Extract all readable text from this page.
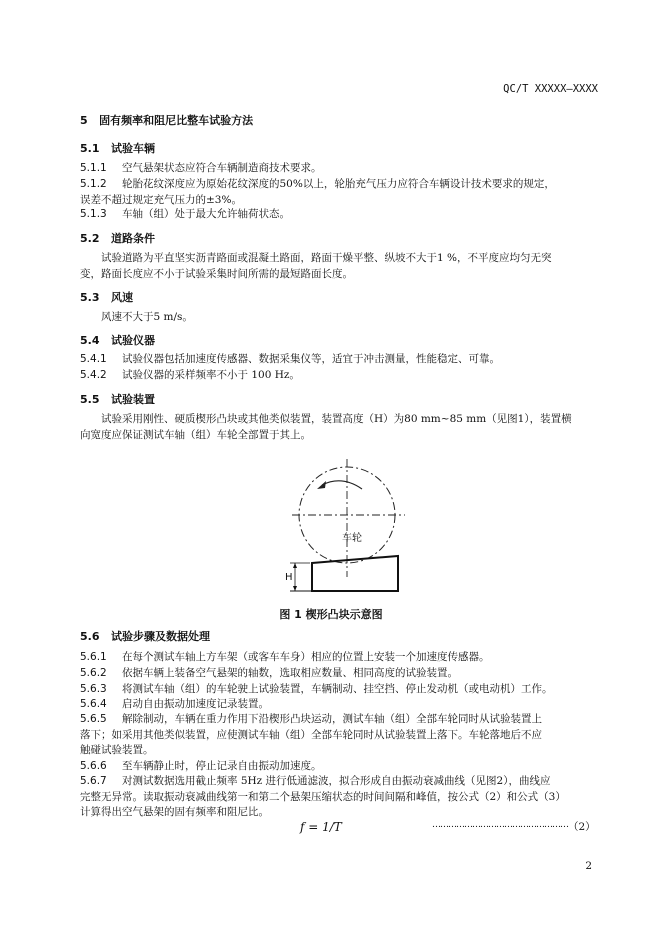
QC/T XXXXX—XXXX
5 固有频率和阻尼比整车试验方法
5.1 试验车辆
5.1.1 空气悬架状态应符合车辆制造商技术要求。
5.1.2 轮胎花纹深度应为原始花纹深度的50%以上，轮胎充气压力应符合车辆设计技术要求的规定，
误差不超过规定充气压力的±3%。
5.1.3 车轴（组）处于最大允许轴荷状态。
5.2 道路条件
试验道路为平直坚实沥青路面或混凝土路面，路面干燥平整、纵坡不大于1 %，不平度应均匀无突
变，路面长度应不小于试验采集时间所需的最短路面长度。
5.3 风速
风速不大于5 m/s。
5.4 试验仪器
5.4.1 试验仪器包括加速度传感器、数据采集仪等，适宜于冲击测量，性能稳定、可靠。
5.4.2 试验仪器的采样频率不小于 100 Hz。
5.5 试验装置
试验采用刚性、硬质楔形凸块或其他类似装置，装置高度（H）为80 mm~85 mm（见图1），装置横
向宽度应保证测试车轴（组）车轮全部置于其上。
车轮
H
图 1 楔形凸块示意图
5.6 试验步骤及数据处理
5.6.1 在每个测试车轴上方车架（或客车车身）相应的位置上安装一个加速度传感器。
5.6.2 依据车辆上装备空气悬架的轴数，选取相应数量、相同高度的试验装置。
5.6.3 将测试车轴（组）的车轮驶上试验装置，车辆制动、挂空挡、停止发动机（或电动机）工作。
5.6.4 启动自由振动加速度记录装置。
5.6.5 解除制动，车辆在重力作用下沿楔形凸块运动，测试车轴（组）全部车轮同时从试验装置上
落下；如采用其他类似装置，应使测试车轴（组）全部车轮同时从试验装置上落下。车轮落地后不应
触碰试验装置。
5.6.6 至车辆静止时，停止记录自由振动加速度。
5.6.7 对测试数据选用截止频率 5Hz 进行低通滤波，拟合形成自由振动衰减曲线（见图2），曲线应
完整无异常。读取振动衰减曲线第一和第二个悬架压缩状态的时间间隔和峰值，按公式（2）和公式（3）
计算得出空气悬架的固有频率和阻尼比。
f = 1/T	…………………………………………… （2）
2
